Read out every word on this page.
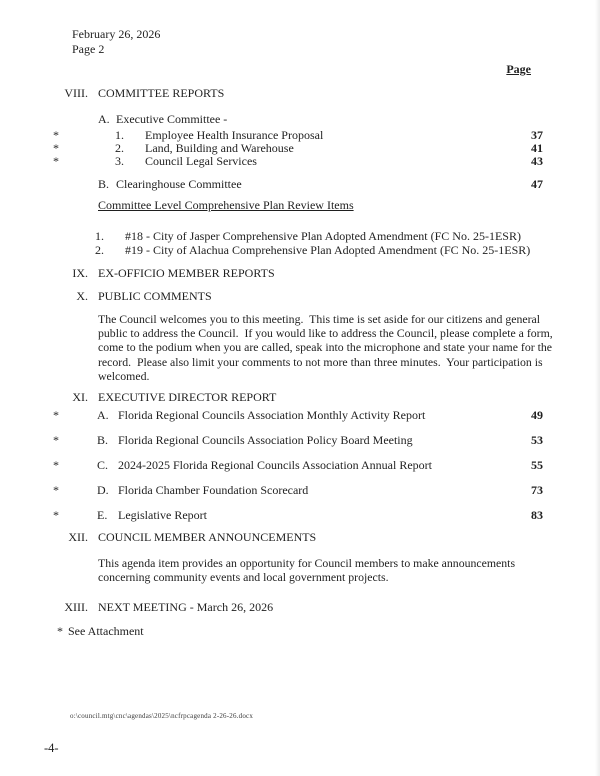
February 26, 2026
Page 2
Page
VIII. COMMITTEE REPORTS
A. Executive Committee -
*	1. Employee Health Insurance Proposal	37
*	2. Land, Building and Warehouse	41
*	3. Council Legal Services	43
B. Clearinghouse Committee	47
Committee Level Comprehensive Plan Review Items
1. #18 - City of Jasper Comprehensive Plan Adopted Amendment (FC No. 25-1ESR)
2. #19 - City of Alachua Comprehensive Plan Adopted Amendment (FC No. 25-1ESR)
IX. EX-OFFICIO MEMBER REPORTS
X. PUBLIC COMMENTS
The Council welcomes you to this meeting.  This time is set aside for our citizens and general public to address the Council.  If you would like to address the Council, please complete a form, come to the podium when you are called, speak into the microphone and state your name for the record.  Please also limit your comments to not more than three minutes.  Your participation is welcomed.
XI. EXECUTIVE DIRECTOR REPORT
*	A. Florida Regional Councils Association Monthly Activity Report	49
*	B. Florida Regional Councils Association Policy Board Meeting	53
*	C. 2024-2025 Florida Regional Councils Association Annual Report	55
*	D. Florida Chamber Foundation Scorecard	73
*	E. Legislative Report	83
XII. COUNCIL MEMBER ANNOUNCEMENTS
This agenda item provides an opportunity for Council members to make announcements concerning community events and local government projects.
XIII. NEXT MEETING - March 26, 2026
* See Attachment
o:\council.mtg\cnc\agendas\2025\ncfrpcagenda 2-26-26.docx
-4-
